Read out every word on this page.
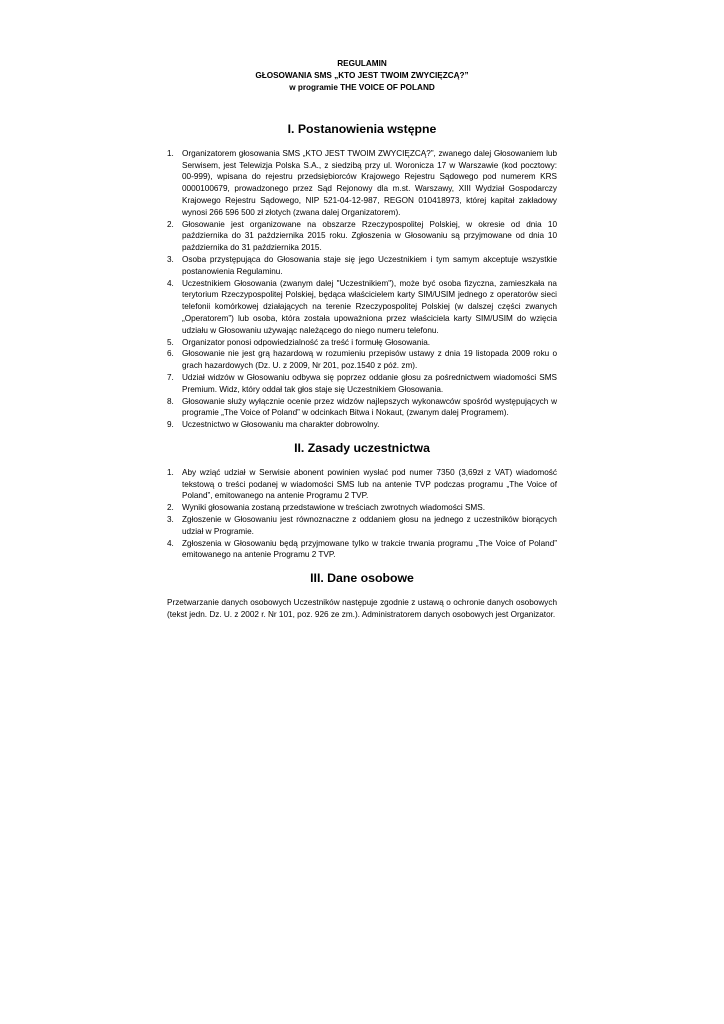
REGULAMIN
GŁOSOWANIA SMS „KTO JEST TWOIM ZWYCIĘZCĄ?”
w programie THE VOICE OF POLAND
I. Postanowienia wstępne
1. Organizatorem głosowania SMS „KTO JEST TWOIM ZWYCIĘZCĄ?”, zwanego dalej Głosowaniem lub Serwisem, jest Telewizja Polska S.A., z siedzibą przy ul. Woronicza 17 w Warszawie (kod pocztowy: 00-999), wpisana do rejestru przedsiębiorców Krajowego Rejestru Sądowego pod numerem KRS 0000100679, prowadzonego przez Sąd Rejonowy dla m.st. Warszawy, XIII Wydział Gospodarczy Krajowego Rejestru Sądowego, NIP 521-04-12-987, REGON 010418973, której kapitał zakładowy wynosi 266 596 500 zł złotych (zwana dalej Organizatorem).
2. Głosowanie jest organizowane na obszarze Rzeczypospolitej Polskiej, w okresie od dnia 10 października do 31 października 2015 roku. Zgłoszenia w Głosowaniu są przyjmowane od dnia 10 października do 31 października 2015.
3. Osoba przystępująca do Głosowania staje się jego Uczestnikiem i tym samym akceptuje wszystkie postanowienia Regulaminu.
4. Uczestnikiem Głosowania (zwanym dalej "Uczestnikiem"), może być osoba fizyczna, zamieszkała na terytorium Rzeczypospolitej Polskiej, będąca właścicielem karty SIM/USIM jednego z operatorów sieci telefonii komórkowej działających na terenie Rzeczypospolitej Polskiej (w dalszej części zwanych „Operatorem”) lub osoba, która została upoważniona przez właściciela karty SIM/USIM do wzięcia udziału w Głosowaniu używając należącego do niego numeru telefonu.
5. Organizator ponosi odpowiedzialność za treść i formułę Głosowania.
6. Głosowanie nie jest grą hazardową w rozumieniu przepisów ustawy z dnia 19 listopada 2009 roku o grach hazardowych (Dz. U. z 2009, Nr 201, poz.1540 z póź. zm).
7. Udział widzów w Głosowaniu odbywa się poprzez oddanie głosu za pośrednictwem wiadomości SMS Premium. Widz, który oddał tak głos staje się Uczestnikiem Głosowania.
8. Głosowanie służy wyłącznie ocenie przez widzów najlepszych wykonawców spośród występujących w programie „The Voice of Poland” w odcinkach Bitwa i Nokaut, (zwanym dalej Programem).
9. Uczestnictwo w Głosowaniu ma charakter dobrowolny.
II. Zasady uczestnictwa
1. Aby wziąć udział w Serwisie abonent powinien wysłać pod numer 7350 (3,69zł z VAT) wiadomość tekstową o treści podanej w wiadomości SMS lub na antenie TVP podczas programu „The Voice of Poland”, emitowanego na antenie Programu 2 TVP.
2. Wyniki głosowania zostaną przedstawione w treściach zwrotnych wiadomości SMS.
3. Zgłoszenie w Głosowaniu jest równoznaczne z oddaniem głosu na jednego z uczestników biorących udział w Programie.
4. Zgłoszenia w Głosowaniu będą przyjmowane tylko w trakcie trwania programu „The Voice of Poland” emitowanego na antenie Programu 2 TVP.
III. Dane osobowe

Przetwarzanie danych osobowych Uczestników następuje zgodnie z ustawą o ochronie danych osobowych (tekst jedn. Dz. U. z 2002 r. Nr 101, poz. 926 ze zm.). Administratorem danych osobowych jest Organizator.
